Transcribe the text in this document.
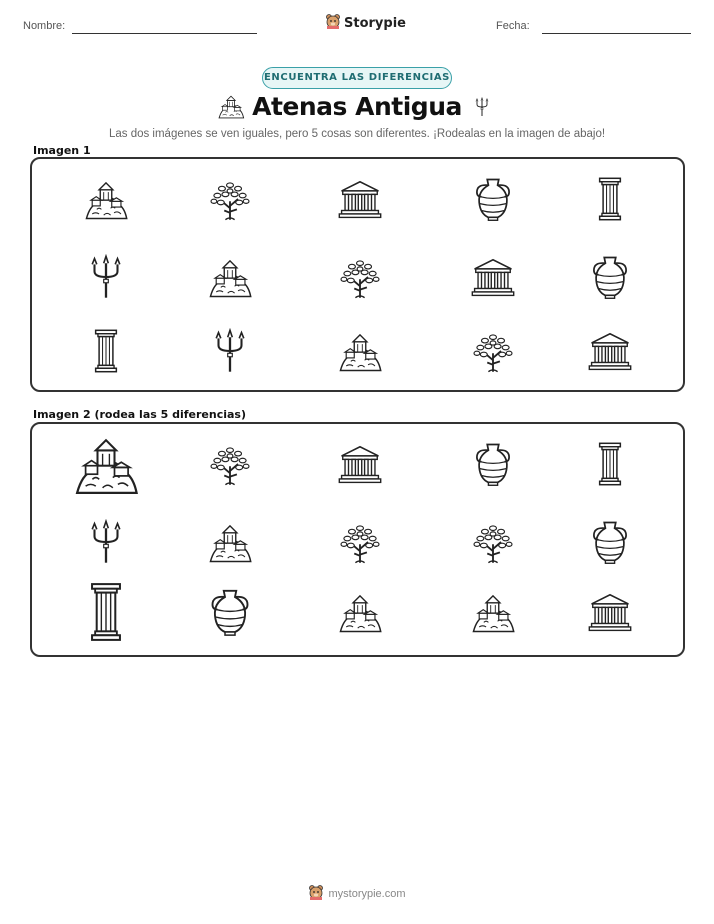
Nombre:	Storypie	Fecha:
ENCUENTRA LAS DIFERENCIAS
Atenas Antigua
Las dos imágenes se ven iguales, pero 5 cosas son diferentes. ¡Rodealas en la imagen de abajo!
Imagen 1
Imagen 2 (rodea las 5 diferencias)
mystorypie.com
